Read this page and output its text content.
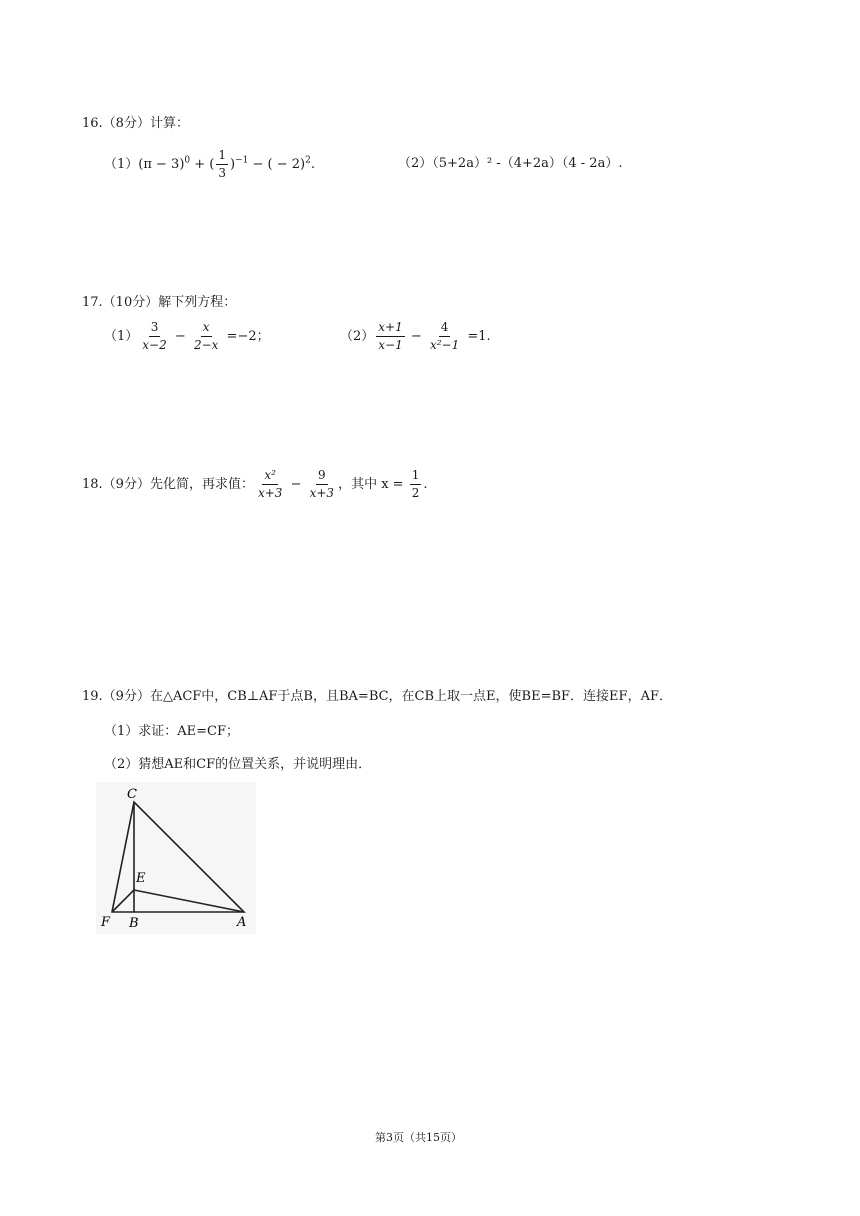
16.（8分）计算：
$(1)(\pi - 3)^0$ + ( $\frac{1}{3} )^{-1}$ − ( − 2)$^2$.	（2）（5+2a）² -（4+2a）（4 - 2a）.
17.（10分）解下列方程：
$(1) \frac{3}{x-2} - \frac{x}{2-x} =-2$；	$(2) \frac{x+1}{x-1} - \frac{4}{\text{x²−1}} =1$.
18.（9分）先化简，再求值： $\frac{\text{x²}}{x+3} - \frac{9}{x+3}$ ，其中 $x = \frac{1}{2}$ .
19.（9分）在△ACF中，CB⊥AF于点B，且BA=BC，在CB上取一点E，使BE=BF．连接EF，AF．
（1）求证：AE=CF；
（2）猜想AE和CF的位置关系，并说明理由．
C
E
F B	A
第3页（共15页）
